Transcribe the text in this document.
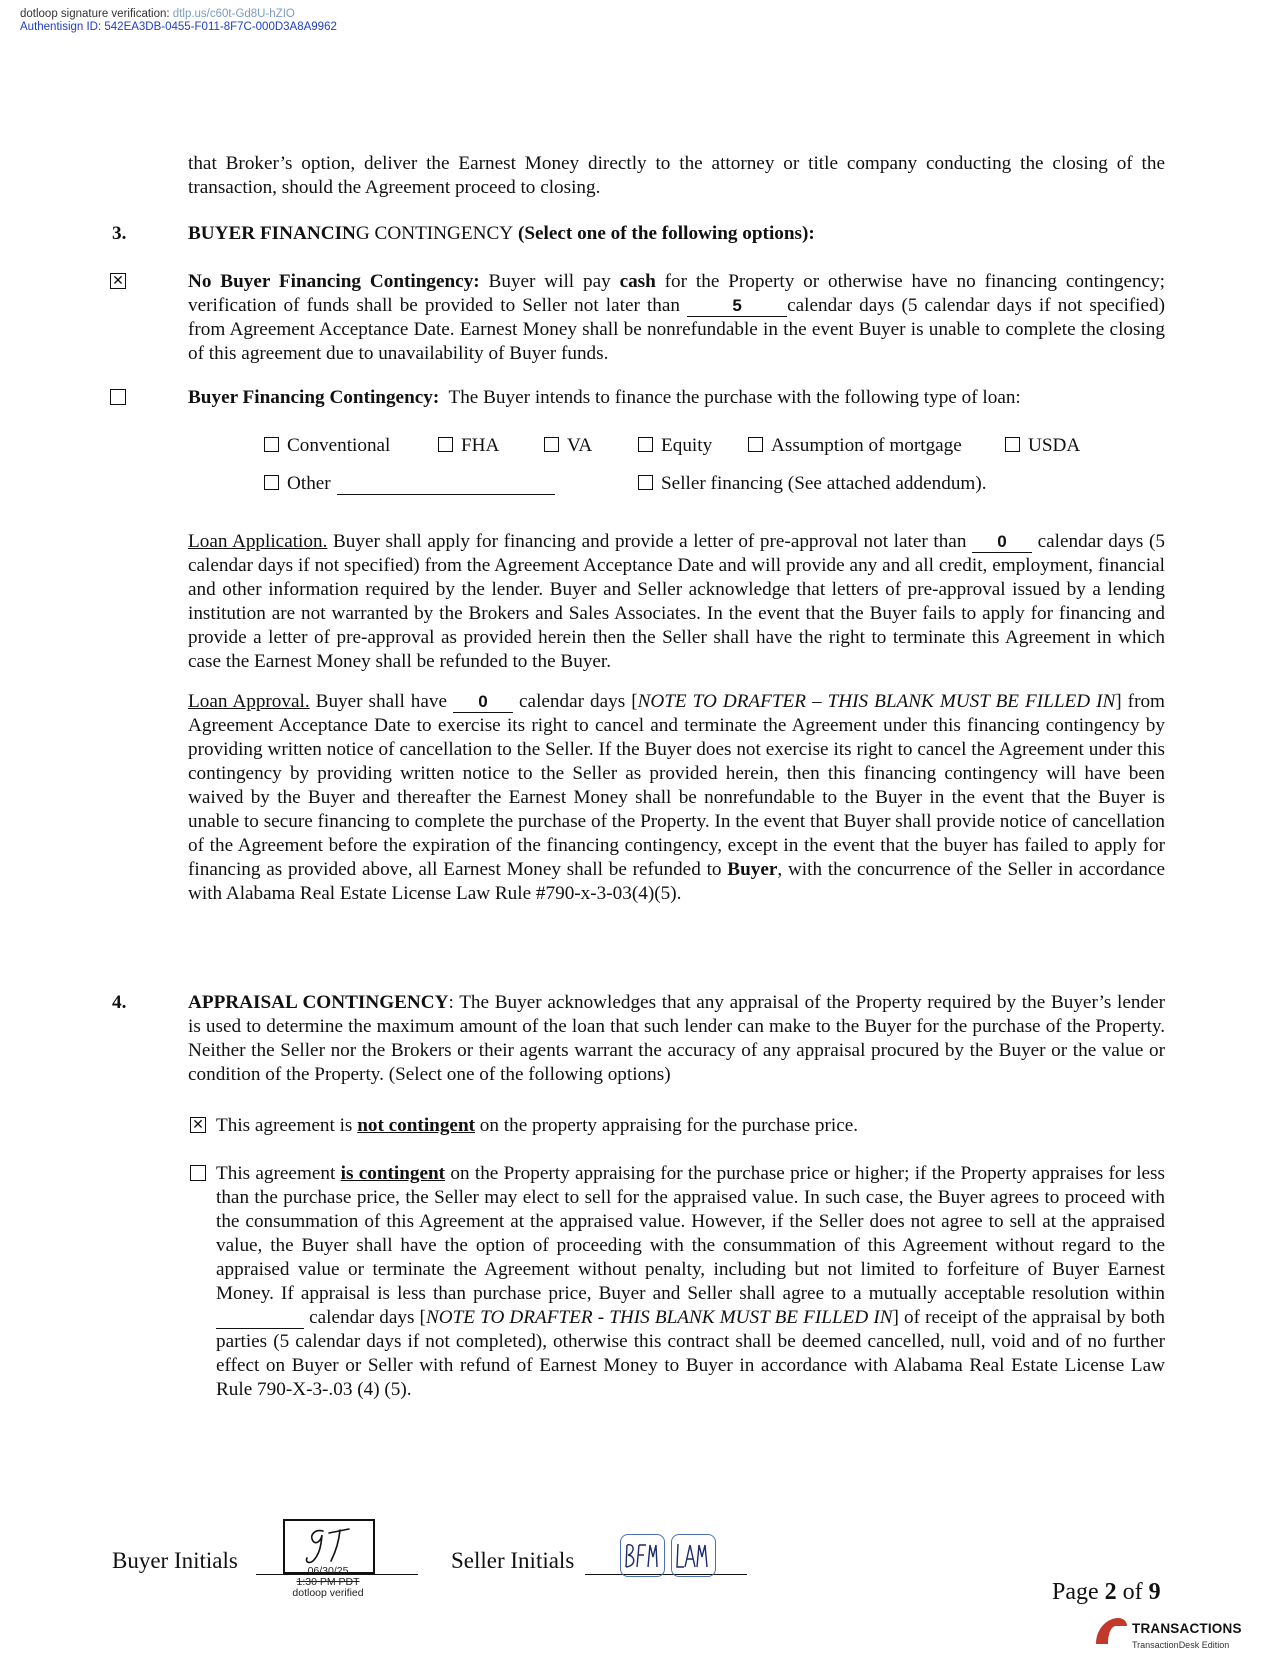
dotloop signature verification: dtlp.us/c60t-Gd8U-hZIO
Authentisign ID: 542EA3DB-0455-F011-8F7C-000D3A8A9962
that Broker’s option, deliver the Earnest Money directly to the attorney or title company conducting the closing of the transaction, should the Agreement proceed to closing.
3.	BUYER FINANCING CONTINGENCY (Select one of the following options):
✕
No Buyer Financing Contingency: Buyer will pay cash for the Property or otherwise have no financing contingency; verification of funds shall be provided to Seller not later than	5 calendar days (5 calendar days if not specified) from Agreement Acceptance Date. Earnest Money shall be nonrefundable in the event Buyer is unable to complete the closing of this agreement due to unavailability of Buyer funds.
Buyer Financing Contingency:  The Buyer intends to finance the purchase with the following type of loan:
Conventional	FHA	VA	Equity	Assumption of mortgage	USDA
Other	Seller financing (See attached addendum).
Loan Application. Buyer shall apply for financing and provide a letter of pre-approval not later than 0 calendar days (5 calendar days if not specified) from the Agreement Acceptance Date and will provide any and all credit, employment, financial and other information required by the lender. Buyer and Seller acknowledge that letters of pre-approval issued by a lending institution are not warranted by the Brokers and Sales Associates. In the event that the Buyer fails to apply for financing and provide a letter of pre-approval as provided herein then the Seller shall have the right to terminate this Agreement in which case the Earnest Money shall be refunded to the Buyer.
Loan Approval. Buyer shall have 0 calendar days [NOTE TO DRAFTER – THIS BLANK MUST BE FILLED IN] from Agreement Acceptance Date to exercise its right to cancel and terminate the Agreement under this financing contingency by providing written notice of cancellation to the Seller. If the Buyer does not exercise its right to cancel the Agreement under this contingency by providing written notice to the Seller as provided herein, then this financing contingency will have been waived by the Buyer and thereafter the Earnest Money shall be nonrefundable to the Buyer in the event that the Buyer is unable to secure financing to complete the purchase of the Property. In the event that Buyer shall provide notice of cancellation of the Agreement before the expiration of the financing contingency, except in the event that the buyer has failed to apply for financing as provided above, all Earnest Money shall be refunded to Buyer, with the concurrence of the Seller in accordance with Alabama Real Estate License Law Rule #790-x-3-03(4)(5).
4.	APPRAISAL CONTINGENCY: The Buyer acknowledges that any appraisal of the Property required by the Buyer’s lender is used to determine the maximum amount of the loan that such lender can make to the Buyer for the purchase of the Property. Neither the Seller nor the Brokers or their agents warrant the accuracy of any appraisal procured by the Buyer or the value or condition of the Property. (Select one of the following options)
✕
This agreement is not contingent on the property appraising for the purchase price.
This agreement is contingent on the Property appraising for the purchase price or higher; if the Property appraises for less than the purchase price, the Seller may elect to sell for the appraised value. In such case, the Buyer agrees to proceed with the consummation of this Agreement at the appraised value. However, if the Seller does not agree to sell at the appraised value, the Buyer shall have the option of proceeding with the consummation of this Agreement without regard to the appraised value or terminate the Agreement without penalty, including but not limited to forfeiture of Buyer Earnest Money. If appraisal is less than purchase price, Buyer and Seller shall agree to a mutually acceptable resolution within   calendar days [NOTE TO DRAFTER - THIS BLANK MUST BE FILLED IN] of receipt of the appraisal by both parties (5 calendar days if not completed), otherwise this contract shall be deemed cancelled, null, void and of no further effect on Buyer or Seller with refund of Earnest Money to Buyer in accordance with Alabama Real Estate License Law Rule 790-X-3-.03 (4) (5).
Buyer Initials	06/30/25
1:30 PM PDT
dotloop verified
Seller Initials
Page 2 of 9
TRANSACTIONS
TransactionDesk Edition
